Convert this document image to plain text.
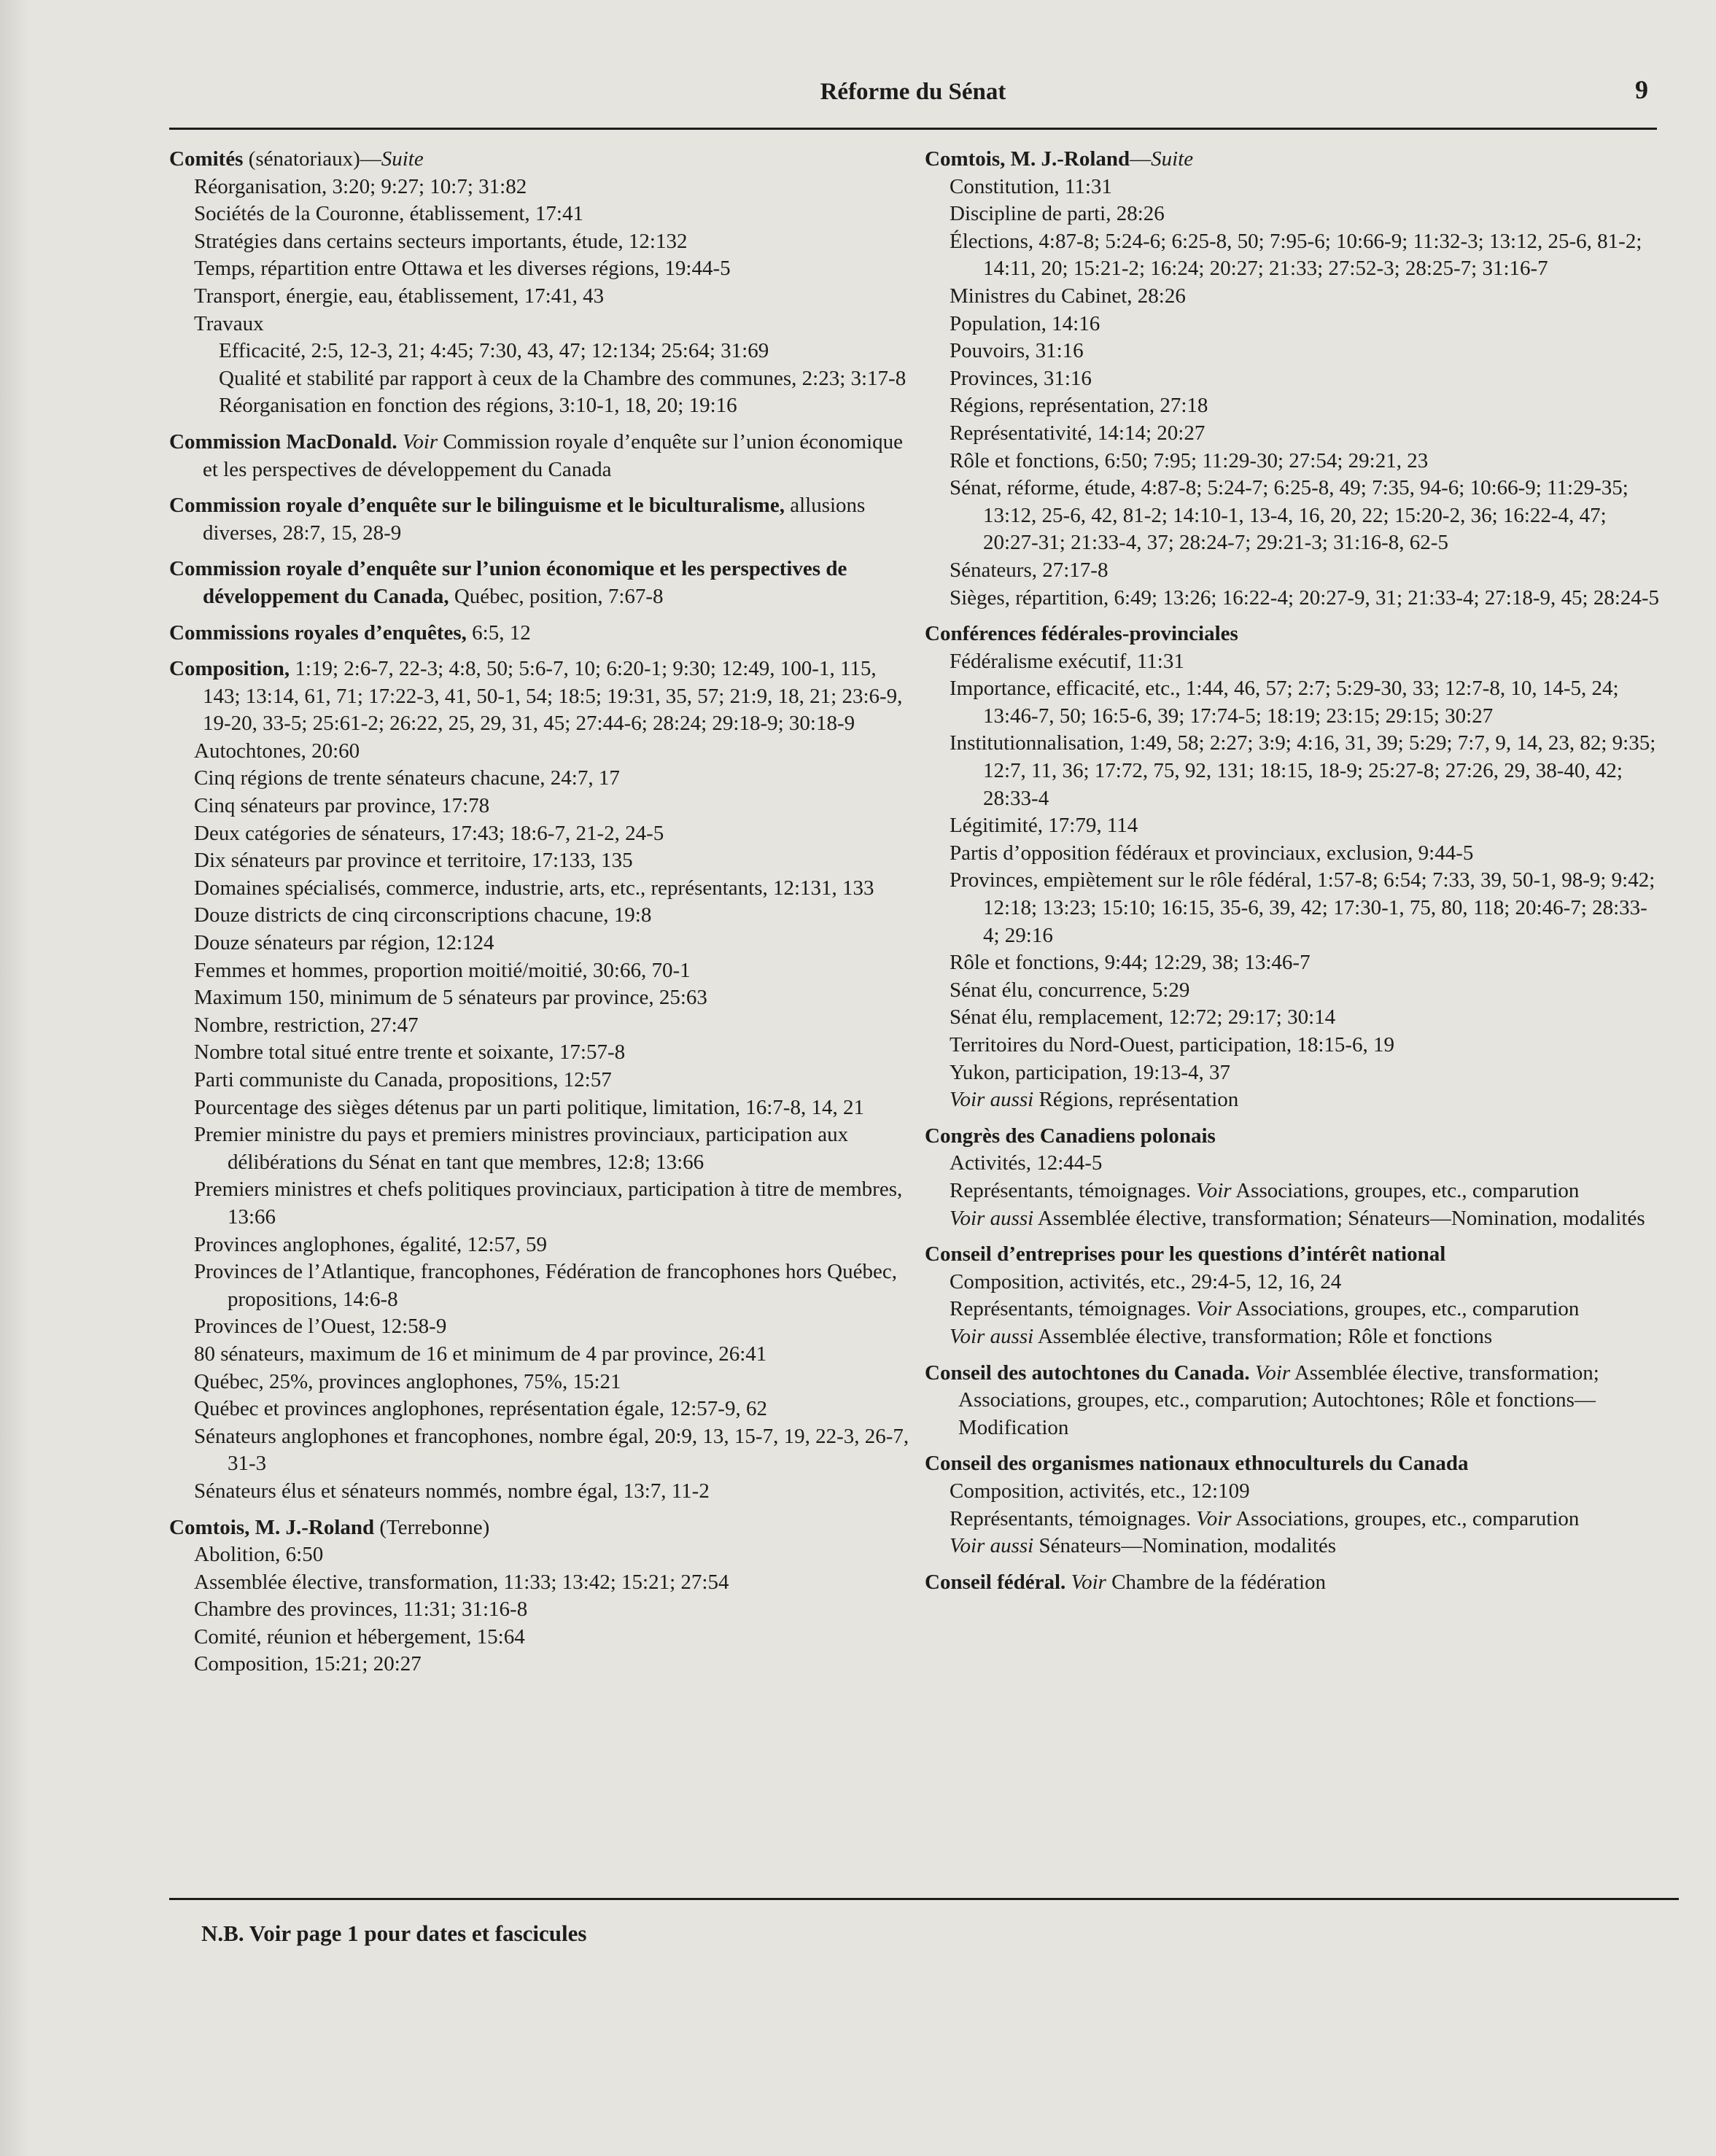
Réforme du Sénat	9
Comités (sénatoriaux)—Suite
Réorganisation, 3:20; 9:27; 10:7; 31:82
Sociétés de la Couronne, établissement, 17:41
Stratégies dans certains secteurs importants, étude, 12:132
Temps, répartition entre Ottawa et les diverses régions, 19:44-5
Transport, énergie, eau, établissement, 17:41, 43
Travaux
Efficacité, 2:5, 12-3, 21; 4:45; 7:30, 43, 47; 12:134; 25:64; 31:69
Qualité et stabilité par rapport à ceux de la Chambre des communes, 2:23; 3:17-8
Réorganisation en fonction des régions, 3:10-1, 18, 20; 19:16
Commission MacDonald. Voir Commission royale d’enquête sur l’union économique et les perspectives de développement du Canada
Commission royale d’enquête sur le bilinguisme et le biculturalisme, allusions diverses, 28:7, 15, 28-9
Commission royale d’enquête sur l’union économique et les perspectives de développement du Canada, Québec, position, 7:67-8
Commissions royales d’enquêtes, 6:5, 12
Composition, 1:19; 2:6-7, 22-3; 4:8, 50; 5:6-7, 10; 6:20-1; 9:30; 12:49, 100-1, 115, 143; 13:14, 61, 71; 17:22-3, 41, 50-1, 54; 18:5; 19:31, 35, 57; 21:9, 18, 21; 23:6-9, 19-20, 33-5; 25:61-2; 26:22, 25, 29, 31, 45; 27:44-6; 28:24; 29:18-9; 30:18-9
Autochtones, 20:60
Cinq régions de trente sénateurs chacune, 24:7, 17
Cinq sénateurs par province, 17:78
Deux catégories de sénateurs, 17:43; 18:6-7, 21-2, 24-5
Dix sénateurs par province et territoire, 17:133, 135
Domaines spécialisés, commerce, industrie, arts, etc., représentants, 12:131, 133
Douze districts de cinq circonscriptions chacune, 19:8
Douze sénateurs par région, 12:124
Femmes et hommes, proportion moitié/moitié, 30:66, 70-1
Maximum 150, minimum de 5 sénateurs par province, 25:63
Nombre, restriction, 27:47
Nombre total situé entre trente et soixante, 17:57-8
Parti communiste du Canada, propositions, 12:57
Pourcentage des sièges détenus par un parti politique, limitation, 16:7-8, 14, 21
Premier ministre du pays et premiers ministres provinciaux, participation aux délibérations du Sénat en tant que membres, 12:8; 13:66
Premiers ministres et chefs politiques provinciaux, participation à titre de membres, 13:66
Provinces anglophones, égalité, 12:57, 59
Provinces de l’Atlantique, francophones, Fédération de francophones hors Québec, propositions, 14:6-8
Provinces de l’Ouest, 12:58-9
80 sénateurs, maximum de 16 et minimum de 4 par province, 26:41
Québec, 25%, provinces anglophones, 75%, 15:21
Québec et provinces anglophones, représentation égale, 12:57-9, 62
Sénateurs anglophones et francophones, nombre égal, 20:9, 13, 15-7, 19, 22-3, 26-7, 31-3
Sénateurs élus et sénateurs nommés, nombre égal, 13:7, 11-2
Comtois, M. J.-Roland (Terrebonne)
Abolition, 6:50
Assemblée élective, transformation, 11:33; 13:42; 15:21; 27:54
Chambre des provinces, 11:31; 31:16-8
Comité, réunion et hébergement, 15:64
Composition, 15:21; 20:27
Comtois, M. J.-Roland—Suite
Constitution, 11:31
Discipline de parti, 28:26
Élections, 4:87-8; 5:24-6; 6:25-8, 50; 7:95-6; 10:66-9; 11:32-3; 13:12, 25-6, 81-2; 14:11, 20; 15:21-2; 16:24; 20:27; 21:33; 27:52-3; 28:25-7; 31:16-7
Ministres du Cabinet, 28:26
Population, 14:16
Pouvoirs, 31:16
Provinces, 31:16
Régions, représentation, 27:18
Représentativité, 14:14; 20:27
Rôle et fonctions, 6:50; 7:95; 11:29-30; 27:54; 29:21, 23
Sénat, réforme, étude, 4:87-8; 5:24-7; 6:25-8, 49; 7:35, 94-6; 10:66-9; 11:29-35; 13:12, 25-6, 42, 81-2; 14:10-1, 13-4, 16, 20, 22; 15:20-2, 36; 16:22-4, 47; 20:27-31; 21:33-4, 37; 28:24-7; 29:21-3; 31:16-8, 62-5
Sénateurs, 27:17-8
Sièges, répartition, 6:49; 13:26; 16:22-4; 20:27-9, 31; 21:33-4; 27:18-9, 45; 28:24-5
Conférences fédérales-provinciales
Fédéralisme exécutif, 11:31
Importance, efficacité, etc., 1:44, 46, 57; 2:7; 5:29-30, 33; 12:7-8, 10, 14-5, 24; 13:46-7, 50; 16:5-6, 39; 17:74-5; 18:19; 23:15; 29:15; 30:27
Institutionnalisation, 1:49, 58; 2:27; 3:9; 4:16, 31, 39; 5:29; 7:7, 9, 14, 23, 82; 9:35; 12:7, 11, 36; 17:72, 75, 92, 131; 18:15, 18-9; 25:27-8; 27:26, 29, 38-40, 42; 28:33-4
Légitimité, 17:79, 114
Partis d’opposition fédéraux et provinciaux, exclusion, 9:44-5
Provinces, empiètement sur le rôle fédéral, 1:57-8; 6:54; 7:33, 39, 50-1, 98-9; 9:42; 12:18; 13:23; 15:10; 16:15, 35-6, 39, 42; 17:30-1, 75, 80, 118; 20:46-7; 28:33-4; 29:16
Rôle et fonctions, 9:44; 12:29, 38; 13:46-7
Sénat élu, concurrence, 5:29
Sénat élu, remplacement, 12:72; 29:17; 30:14
Territoires du Nord-Ouest, participation, 18:15-6, 19
Yukon, participation, 19:13-4, 37
Voir aussi Régions, représentation
Congrès des Canadiens polonais
Activités, 12:44-5
Représentants, témoignages. Voir Associations, groupes, etc., comparution
Voir aussi Assemblée élective, transformation; Sénateurs—Nomination, modalités
Conseil d’entreprises pour les questions d’intérêt national
Composition, activités, etc., 29:4-5, 12, 16, 24
Représentants, témoignages. Voir Associations, groupes, etc., comparution
Voir aussi Assemblée élective, transformation; Rôle et fonctions
Conseil des autochtones du Canada. Voir Assemblée élective, transformation; Associations, groupes, etc., comparution; Autochtones; Rôle et fonctions—Modification
Conseil des organismes nationaux ethnoculturels du Canada
Composition, activités, etc., 12:109
Représentants, témoignages. Voir Associations, groupes, etc., comparution
Voir aussi Sénateurs—Nomination, modalités
Conseil fédéral. Voir Chambre de la fédération
N.B. Voir page 1 pour dates et fascicules
